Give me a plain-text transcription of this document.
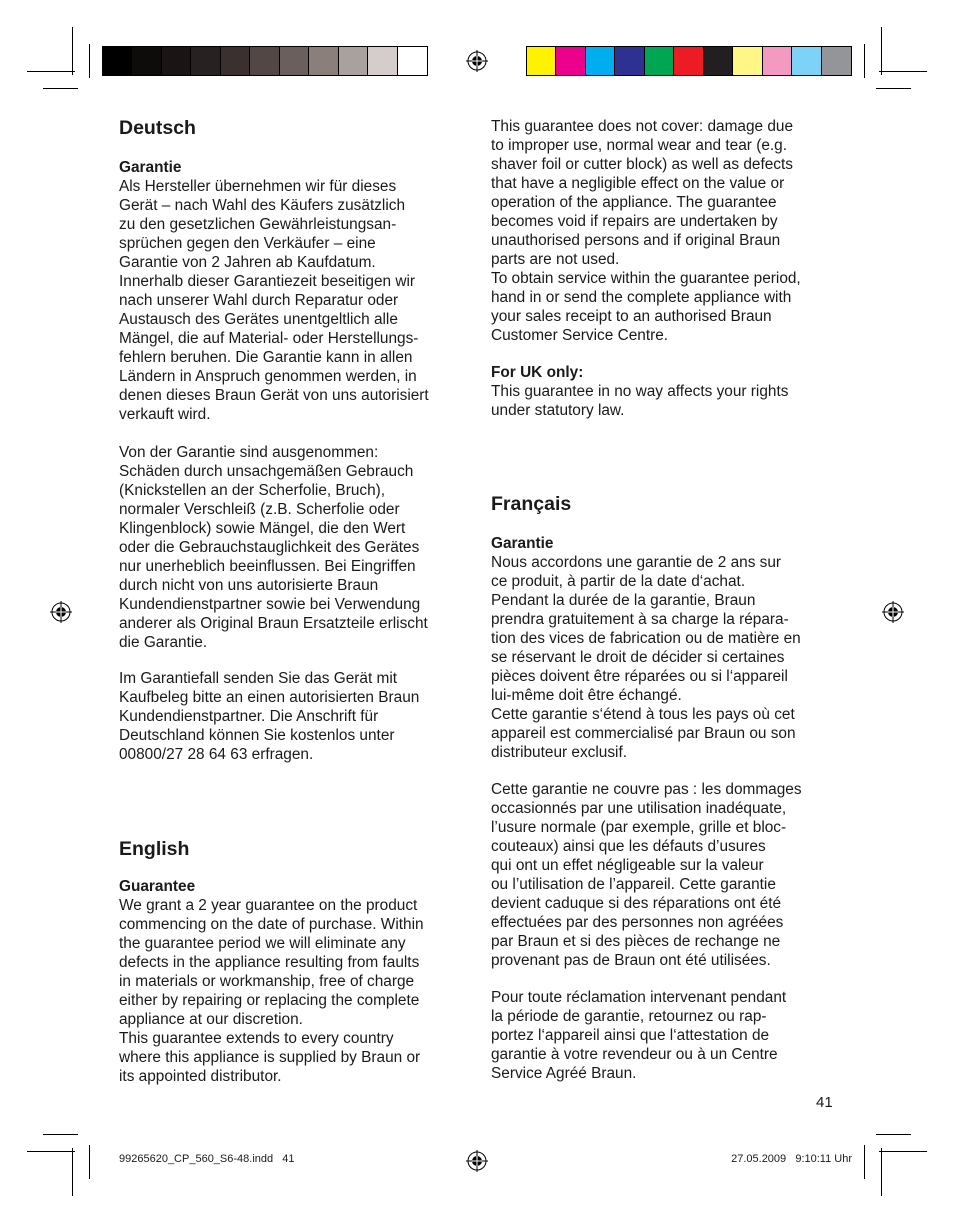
Deutsch

Garantie

Als Hersteller übernehmen wir für dieses
Gerät – nach Wahl des Käufers zusätzlich
zu den gesetzlichen Gewährleistungsan-
sprüchen gegen den Verkäufer – eine
Garantie von 2 Jahren ab Kaufdatum.
Innerhalb dieser Garantiezeit beseitigen wir
nach unserer Wahl durch Reparatur oder
Austausch des Gerätes unentgeltlich alle
Mängel, die auf Material- oder Herstellungs-
fehlern beruhen. Die Garantie kann in allen
Ländern in Anspruch genommen werden, in
denen dieses Braun Gerät von uns autorisiert
verkauft wird.

Von der Garantie sind ausgenommen:
Schäden durch unsachgemäßen Gebrauch
(Knickstellen an der Scherfolie, Bruch),
normaler Verschleiß (z.B. Scherfolie oder
Klingenblock) sowie Mängel, die den Wert
oder die Gebrauchstauglichkeit des Gerätes
nur unerheblich beeinflussen. Bei Eingriffen
durch nicht von uns autorisierte Braun
Kundendienstpartner sowie bei Verwendung
anderer als Original Braun Ersatzteile erlischt
die Garantie.

Im Garantiefall senden Sie das Gerät mit
Kaufbeleg bitte an einen autorisierten Braun
Kundendienstpartner. Die Anschrift für
Deutschland können Sie kostenlos unter
00800/27 28 64 63 erfragen.

English

Guarantee

We grant a 2 year guarantee on the product
commencing on the date of purchase. Within
the guarantee period we will eliminate any
defects in the appliance resulting from faults
in materials or workmanship, free of charge
either by repairing or replacing the complete
appliance at our discretion.
This guarantee extends to every country
where this appliance is supplied by Braun or
its appointed distributor.

This guarantee does not cover: damage due
to improper use, normal wear and tear (e.g.
shaver foil or cutter block) as well as defects
that have a negligible effect on the value or
operation of the appliance. The guarantee
becomes void if repairs are undertaken by
unauthorised persons and if original Braun
parts are not used.
To obtain service within the guarantee period,
hand in or send the complete appliance with
your sales receipt to an authorised Braun
Customer Service Centre.

For UK only:

This guarantee in no way affects your rights
under statutory law.

Français

Garantie

Nous accordons une garantie de 2 ans sur
ce produit, à partir de la date d‘achat.
Pendant la durée de la garantie, Braun
prendra gratuitement à sa charge la répara-
tion des vices de fabrication ou de matière en
se réservant le droit de décider si certaines
pièces doivent être réparées ou si l‘appareil
lui-même doit être échangé.
Cette garantie s‘étend à tous les pays où cet
appareil est commercialisé par Braun ou son
distributeur exclusif.

Cette garantie ne couvre pas : les dommages
occasionnés par une utilisation inadéquate,
l’usure normale (par exemple, grille et bloc-
couteaux) ainsi que les défauts d’usures
qui ont un effet négligeable sur la valeur
ou l’utilisation de l’appareil. Cette garantie
devient caduque si des réparations ont été
effectuées par des personnes non agréées
par Braun et si des pièces de rechange ne
provenant pas de Braun ont été utilisées.

Pour toute réclamation intervenant pendant
la période de garantie, retournez ou rap-
portez l‘appareil ainsi que l‘attestation de
garantie à votre revendeur ou à un Centre
Service Agréé Braun.

41
99265620_CP_560_S6-48.indd   41	27.05.2009   9:10:11 Uhr
